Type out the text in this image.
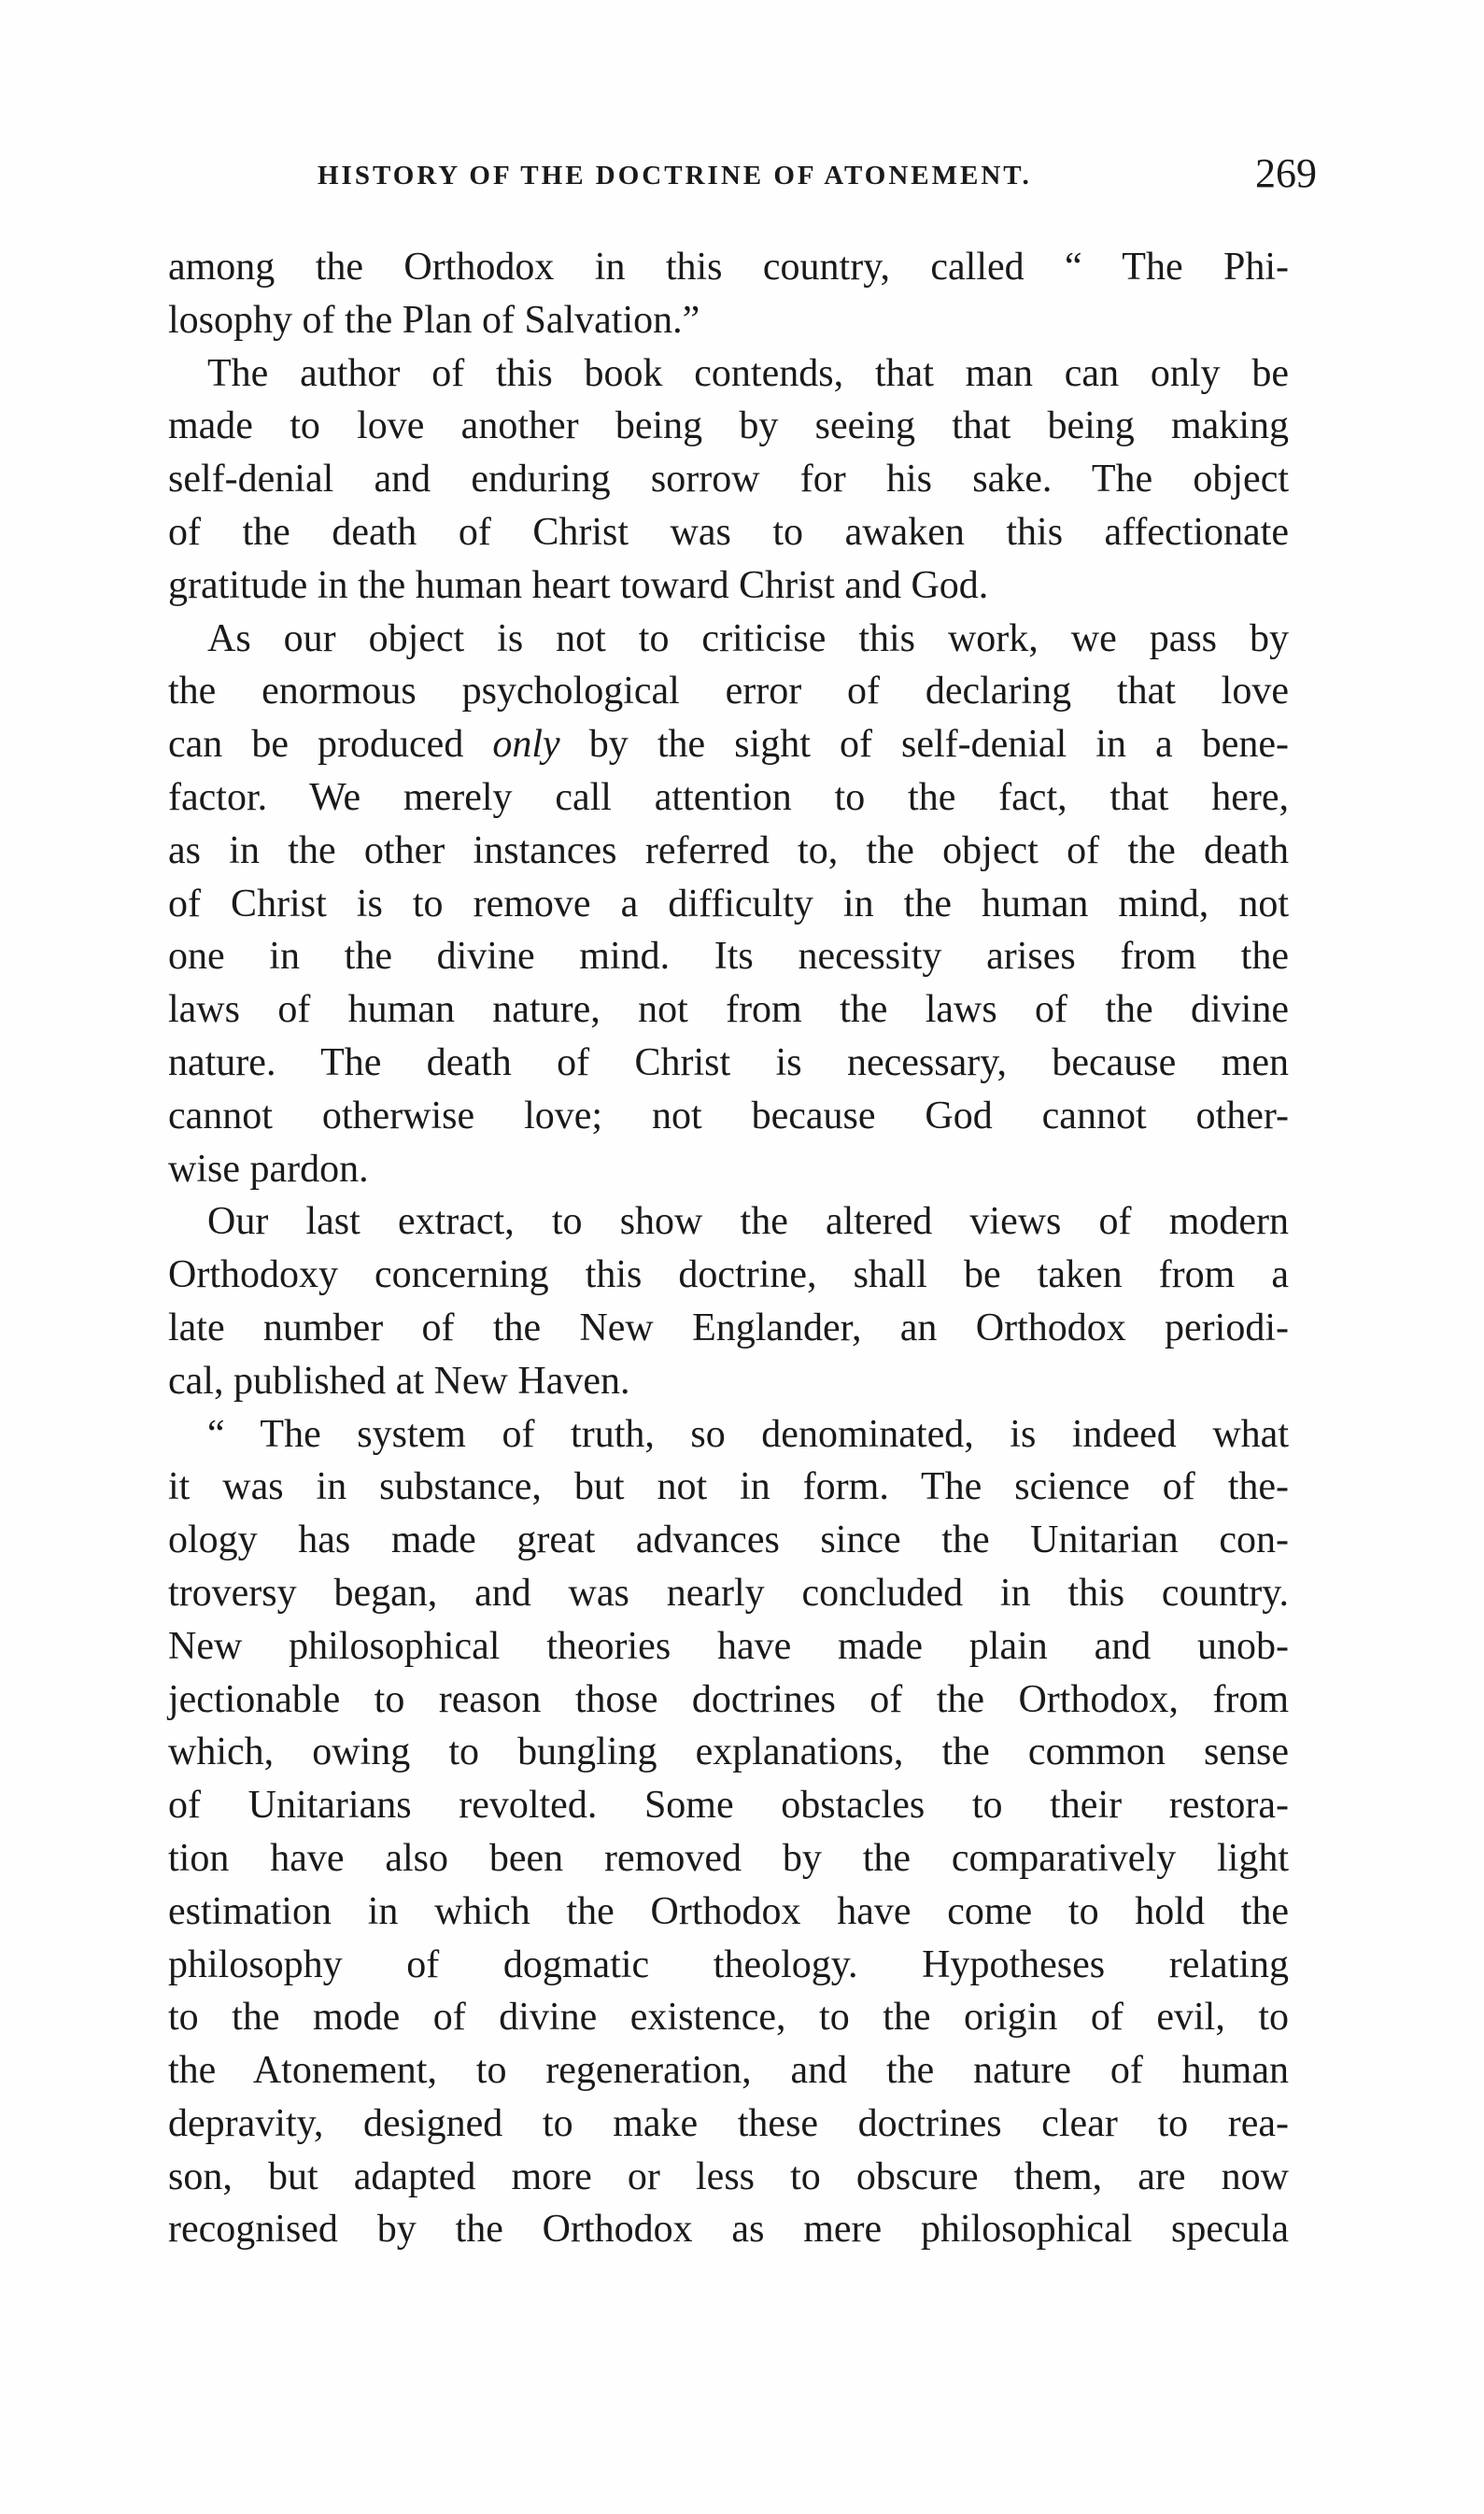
HISTORY OF THE DOCTRINE OF ATONEMENT.	269
among the Orthodox in this country, called “ The Phi-
losophy of the Plan of Salvation.”
The author of this book contends, that man can only be
made to love another being by seeing that being making
self-denial and enduring sorrow for his sake. The object
of the death of Christ was to awaken this affectionate
gratitude in the human heart toward Christ and God.
As our object is not to criticise this work, we pass by
the enormous psychological error of declaring that love
can be produced only by the sight of self-denial in a bene-
factor. We merely call attention to the fact, that here,
as in the other instances referred to, the object of the death
of Christ is to remove a difficulty in the human mind, not
one in the divine mind. Its necessity arises from the
laws of human nature, not from the laws of the divine
nature. The death of Christ is necessary, because men
cannot otherwise love; not because God cannot other-
wise pardon.
Our last extract, to show the altered views of modern
Orthodoxy concerning this doctrine, shall be taken from a
late number of the New Englander, an Orthodox periodi-
cal, published at New Haven.
“ The system of truth, so denominated, is indeed what
it was in substance, but not in form. The science of the-
ology has made great advances since the Unitarian con-
troversy began, and was nearly concluded in this country.
New philosophical theories have made plain and unob-
jectionable to reason those doctrines of the Orthodox, from
which, owing to bungling explanations, the common sense
of Unitarians revolted. Some obstacles to their restora-
tion have also been removed by the comparatively light
estimation in which the Orthodox have come to hold the
philosophy of dogmatic theology. Hypotheses relating
to the mode of divine existence, to the origin of evil, to
the Atonement, to regeneration, and the nature of human
depravity, designed to make these doctrines clear to rea-
son, but adapted more or less to obscure them, are now
recognised by the Orthodox as mere philosophical specula
